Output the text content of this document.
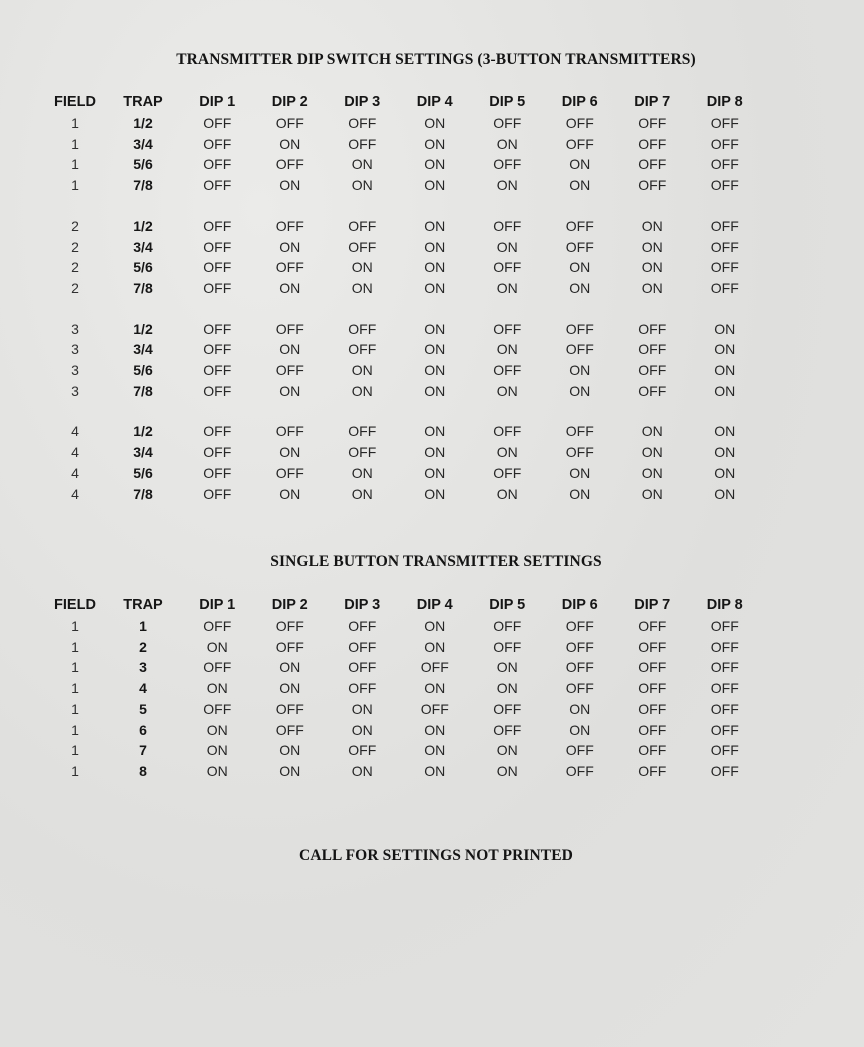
TRANSMITTER DIP SWITCH SETTINGS (3-BUTTON TRANSMITTERS)
FIELD	TRAP	DIP 1	DIP 2	DIP 3	DIP 4	DIP 5	DIP 6	DIP 7	DIP 8
1	1/2	OFF	OFF	OFF	ON	OFF	OFF	OFF	OFF
1	3/4	OFF	ON	OFF	ON	ON	OFF	OFF	OFF
1	5/6	OFF	OFF	ON	ON	OFF	ON	OFF	OFF
1	7/8	OFF	ON	ON	ON	ON	ON	OFF	OFF

2	1/2	OFF	OFF	OFF	ON	OFF	OFF	ON	OFF
2	3/4	OFF	ON	OFF	ON	ON	OFF	ON	OFF
2	5/6	OFF	OFF	ON	ON	OFF	ON	ON	OFF
2	7/8	OFF	ON	ON	ON	ON	ON	ON	OFF

3	1/2	OFF	OFF	OFF	ON	OFF	OFF	OFF	ON
3	3/4	OFF	ON	OFF	ON	ON	OFF	OFF	ON
3	5/6	OFF	OFF	ON	ON	OFF	ON	OFF	ON
3	7/8	OFF	ON	ON	ON	ON	ON	OFF	ON

4	1/2	OFF	OFF	OFF	ON	OFF	OFF	ON	ON
4	3/4	OFF	ON	OFF	ON	ON	OFF	ON	ON
4	5/6	OFF	OFF	ON	ON	OFF	ON	ON	ON
4	7/8	OFF	ON	ON	ON	ON	ON	ON	ON
SINGLE BUTTON TRANSMITTER SETTINGS
FIELD	TRAP	DIP 1	DIP 2	DIP 3	DIP 4	DIP 5	DIP 6	DIP 7	DIP 8
1	1	OFF	OFF	OFF	ON	OFF	OFF	OFF	OFF
1	2	ON	OFF	OFF	ON	OFF	OFF	OFF	OFF
1	3	OFF	ON	OFF	OFF	ON	OFF	OFF	OFF
1	4	ON	ON	OFF	ON	ON	OFF	OFF	OFF
1	5	OFF	OFF	ON	OFF	OFF	ON	OFF	OFF
1	6	ON	OFF	ON	ON	OFF	ON	OFF	OFF
1	7	ON	ON	OFF	ON	ON	OFF	OFF	OFF
1	8	ON	ON	ON	ON	ON	OFF	OFF	OFF
CALL FOR SETTINGS NOT PRINTED
